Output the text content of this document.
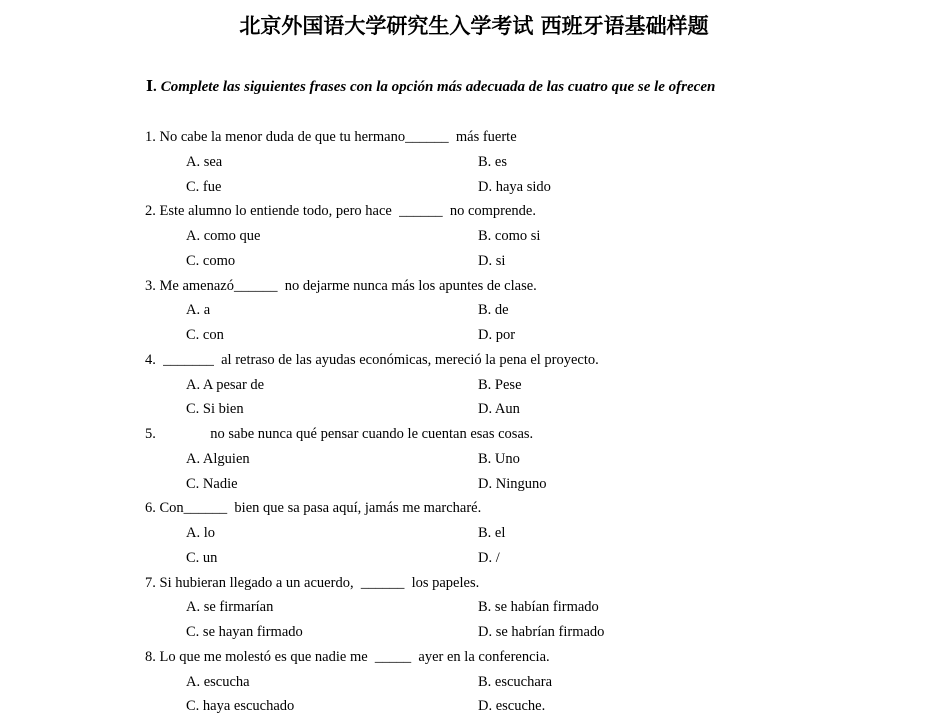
北京外国语大学研究生入学考试 西班牙语基础样题
Ⅰ. Complete las siguientes frases con la opción más adecuada de las cuatro que se le ofrecen
1. No cabe la menor duda de que tu hermano______  más fuerte
A. sea	B. es
C. fue	D. haya sido
2. Este alumno lo entiende todo, pero hace  ______  no comprende.
A. como que	B. como si
C. como	D. si
3. Me amenazó______  no dejarme nunca más los apuntes de clase.
A. a	B. de
C. con	D. por
4.  _______  al retraso de las ayudas económicas, mereció la pena el proyecto.
A. A pesar de	B. Pese
C. Si bien	D. Aun
5.               no sabe nunca qué pensar cuando le cuentan esas cosas.
A. Alguien	B. Uno
C. Nadie	D. Ninguno
6. Con______  bien que sa pasa aquí, jamás me marcharé.
A. lo	B. el
C. un	D. /
7. Si hubieran llegado a un acuerdo,  ______  los papeles.
A. se firmarían	B. se habían firmado
C. se hayan firmado	D. se habrían firmado
8. Lo que me molestó es que nadie me  _____  ayer en la conferencia.
A. escucha	B. escuchara
C. haya escuchado	D. escuche.
